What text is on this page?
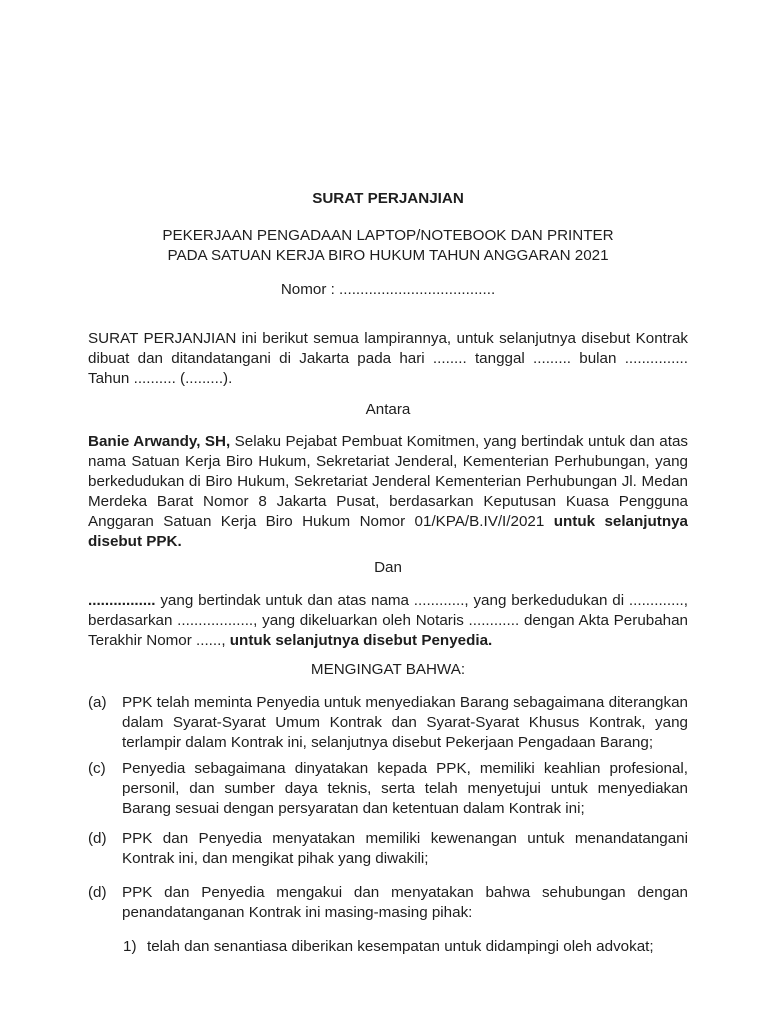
SURAT PERJANJIAN
PEKERJAAN PENGADAAN LAPTOP/NOTEBOOK DAN PRINTER
PADA SATUAN KERJA BIRO HUKUM TAHUN ANGGARAN 2021
Nomor : .....................................

SURAT PERJANJIAN ini berikut semua lampirannya, untuk selanjutnya disebut Kontrak dibuat dan ditandatangani di Jakarta pada hari ........ tanggal ......... bulan ............... Tahun .......... (.........).

Antara

Banie Arwandy, SH, Selaku Pejabat Pembuat Komitmen, yang bertindak untuk dan atas nama Satuan Kerja Biro Hukum, Sekretariat Jenderal, Kementerian Perhubungan, yang berkedudukan di Biro Hukum, Sekretariat Jenderal Kementerian Perhubungan Jl. Medan Merdeka Barat Nomor 8 Jakarta Pusat, berdasarkan Keputusan Kuasa Pengguna Anggaran Satuan Kerja Biro Hukum Nomor 01/KPA/B.IV/I/2021 untuk selanjutnya disebut PPK.

Dan

................ yang bertindak untuk dan atas nama ............, yang berkedudukan di ............., berdasarkan .................., yang dikeluarkan oleh Notaris ............ dengan Akta Perubahan Terakhir Nomor ......, untuk selanjutnya disebut Penyedia.

MENGINGAT BAHWA:
(a) PPK telah meminta Penyedia untuk menyediakan Barang sebagaimana diterangkan dalam Syarat-Syarat Umum Kontrak dan Syarat-Syarat Khusus Kontrak, yang terlampir dalam Kontrak ini, selanjutnya disebut Pekerjaan Pengadaan Barang;
(c) Penyedia sebagaimana dinyatakan kepada PPK, memiliki keahlian profesional, personil, dan sumber daya teknis, serta telah menyetujui untuk menyediakan Barang sesuai dengan persyaratan dan ketentuan dalam Kontrak ini;
(d) PPK dan Penyedia menyatakan memiliki kewenangan untuk menandatangani Kontrak ini, dan mengikat pihak yang diwakili;
(d) PPK dan Penyedia mengakui dan menyatakan bahwa sehubungan dengan penandatanganan Kontrak ini masing-masing pihak:
1) telah dan senantiasa diberikan kesempatan untuk didampingi oleh advokat;
